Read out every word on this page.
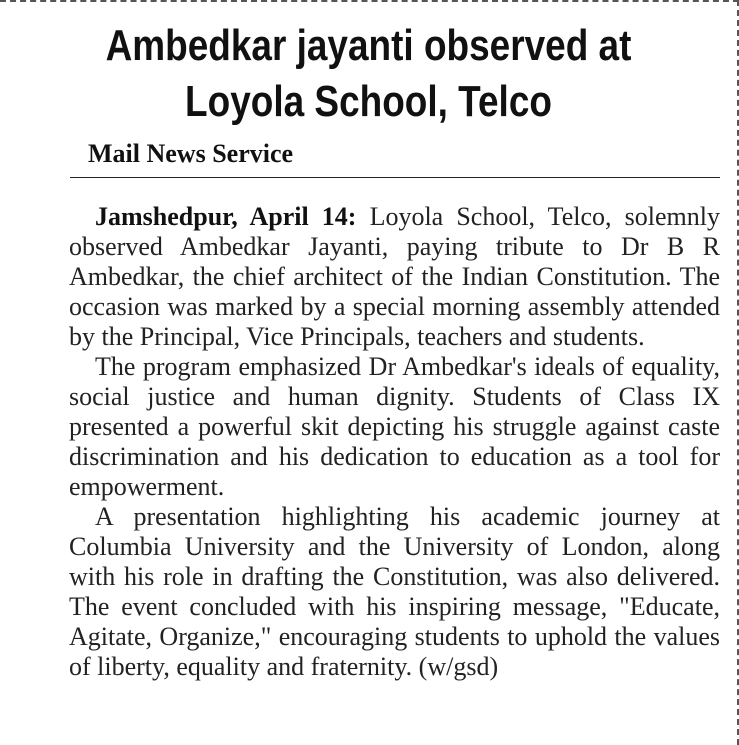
Ambedkar jayanti observed at
Loyola School, Telco
Mail News Service

Jamshedpur, April 14: Loyola School, Telco, solemnly observed Ambedkar Jayanti, paying tribute to Dr B R Ambedkar, the chief architect of the Indian Constitution. The occasion was marked by a special morning assembly attended by the Principal, Vice Principals, teachers and students.

The program emphasized Dr Ambedkar's ideals of equality, social justice and human dignity. Students of Class IX presented a powerful skit depicting his struggle against caste discrimination and his dedication to education as a tool for empowerment.

A presentation highlighting his academic journey at Columbia University and the University of London, along with his role in drafting the Constitution, was also delivered. The event concluded with his inspiring message, "Educate, Agitate, Organize," encouraging students to uphold the values of liberty, equality and fraternity. (w/gsd)
